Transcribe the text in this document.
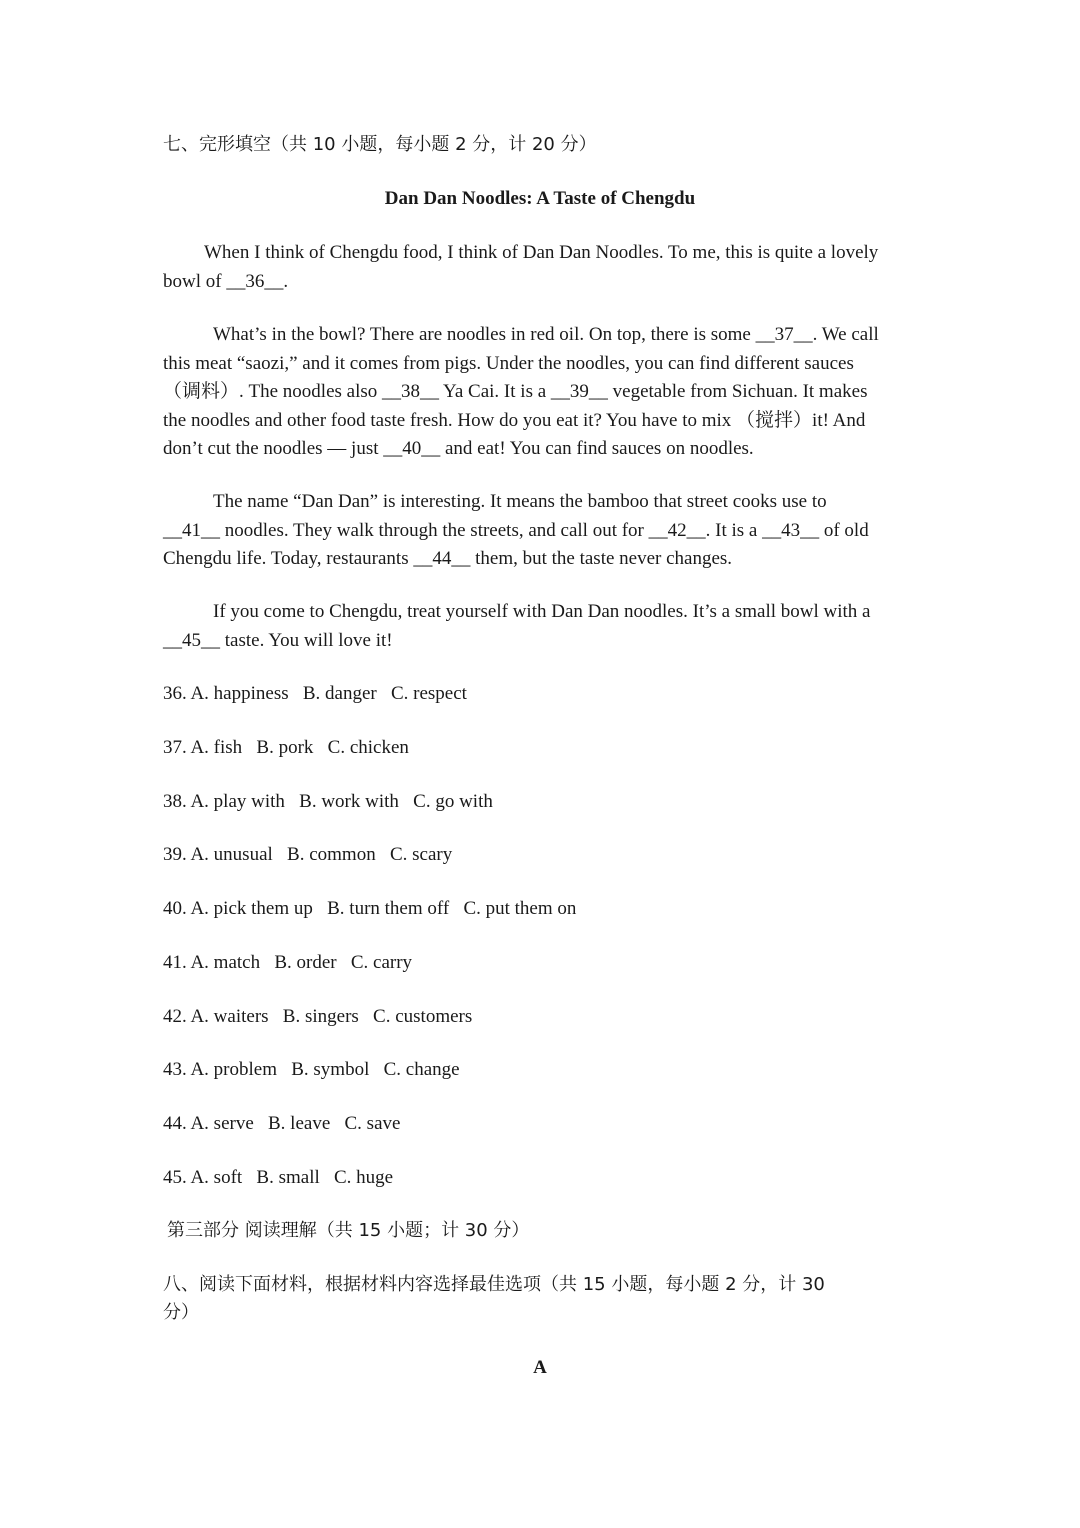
七、完形填空（共 10 小题，每小题 2 分，计 20 分）
Dan Dan Noodles: A Taste of Chengdu
When I think of Chengdu food, I think of Dan Dan Noodles. To me, this is quite a lovely
bowl of __36__.
What’s in the bowl? There are noodles in red oil. On top, there is some __37__. We call
this meat “saozi,” and it comes from pigs. Under the noodles, you can find different sauces
（调料）. The noodles also __38__ Ya Cai. It is a __39__ vegetable from Sichuan. It makes
the noodles and other food taste fresh. How do you eat it? You have to mix （搅拌）it! And
don’t cut the noodles — just __40__ and eat! You can find sauces on noodles.
The name “Dan Dan” is interesting. It means the bamboo that street cooks use to
__41__ noodles. They walk through the streets, and call out for __42__. It is a __43__ of old
Chengdu life. Today, restaurants __44__ them, but the taste never changes.
If you come to Chengdu, treat yourself with Dan Dan noodles. It’s a small bowl with a
__45__ taste. You will love it!
36. A. happiness   B. danger   C. respect
37. A. fish   B. pork   C. chicken
38. A. play with   B. work with   C. go with
39. A. unusual   B. common   C. scary
40. A. pick them up   B. turn them off   C. put them on
41. A. match   B. order   C. carry
42. A. waiters   B. singers   C. customers
43. A. problem   B. symbol   C. change
44. A. serve   B. leave   C. save
45. A. soft   B. small   C. huge
第三部分 阅读理解（共 15 小题；计 30 分）
八、阅读下面材料，根据材料内容选择最佳选项（共 15 小题，每小题 2 分，计 30
分）
A
